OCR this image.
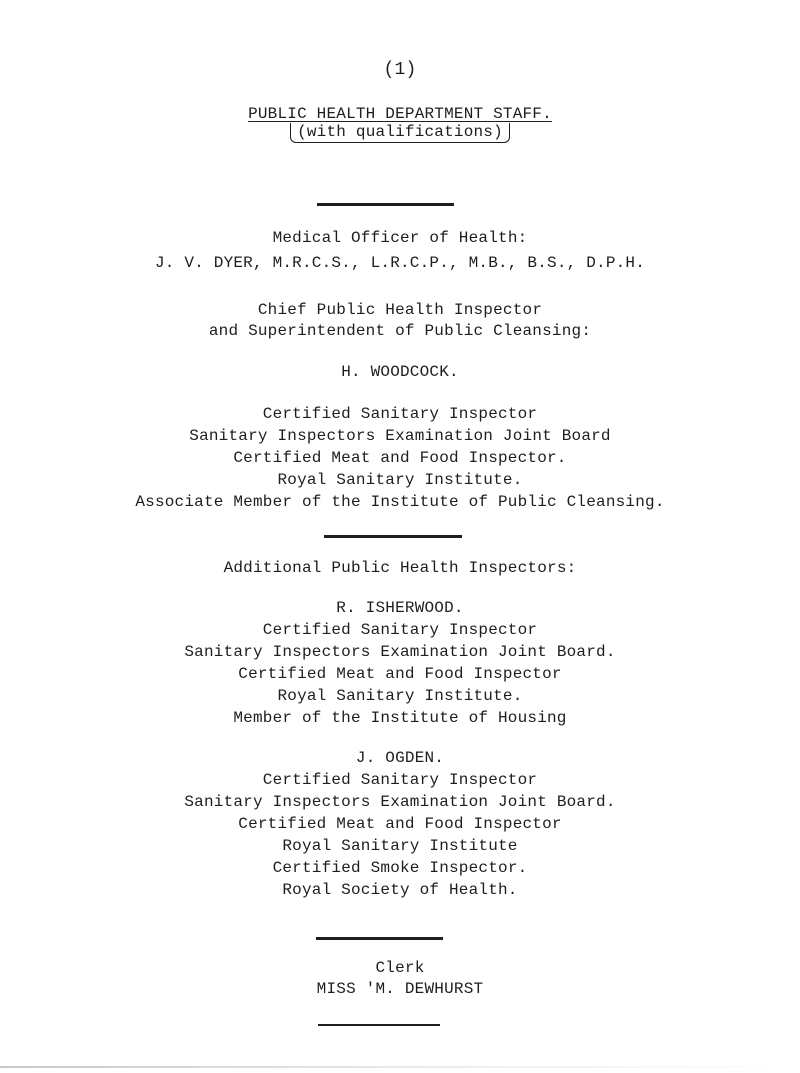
(1)
PUBLIC HEALTH DEPARTMENT STAFF.
(with qualifications)
Medical Officer of Health:
J. V. DYER, M.R.C.S., L.R.C.P., M.B., B.S., D.P.H.
Chief Public Health Inspector
and Superintendent of Public Cleansing:
H. WOODCOCK.
Certified Sanitary Inspector
Sanitary Inspectors Examination Joint Board
Certified Meat and Food Inspector.
Royal Sanitary Institute.
Associate Member of the Institute of Public Cleansing.
Additional Public Health Inspectors:
R. ISHERWOOD.
Certified Sanitary Inspector
Sanitary Inspectors Examination Joint Board.
Certified Meat and Food Inspector
Royal Sanitary Institute.
Member of the Institute of Housing
J. OGDEN.
Certified Sanitary Inspector
Sanitary Inspectors Examination Joint Board.
Certified Meat and Food Inspector
Royal Sanitary Institute
Certified Smoke Inspector.
Royal Society of Health.
Clerk
MISS 'M. DEWHURST
